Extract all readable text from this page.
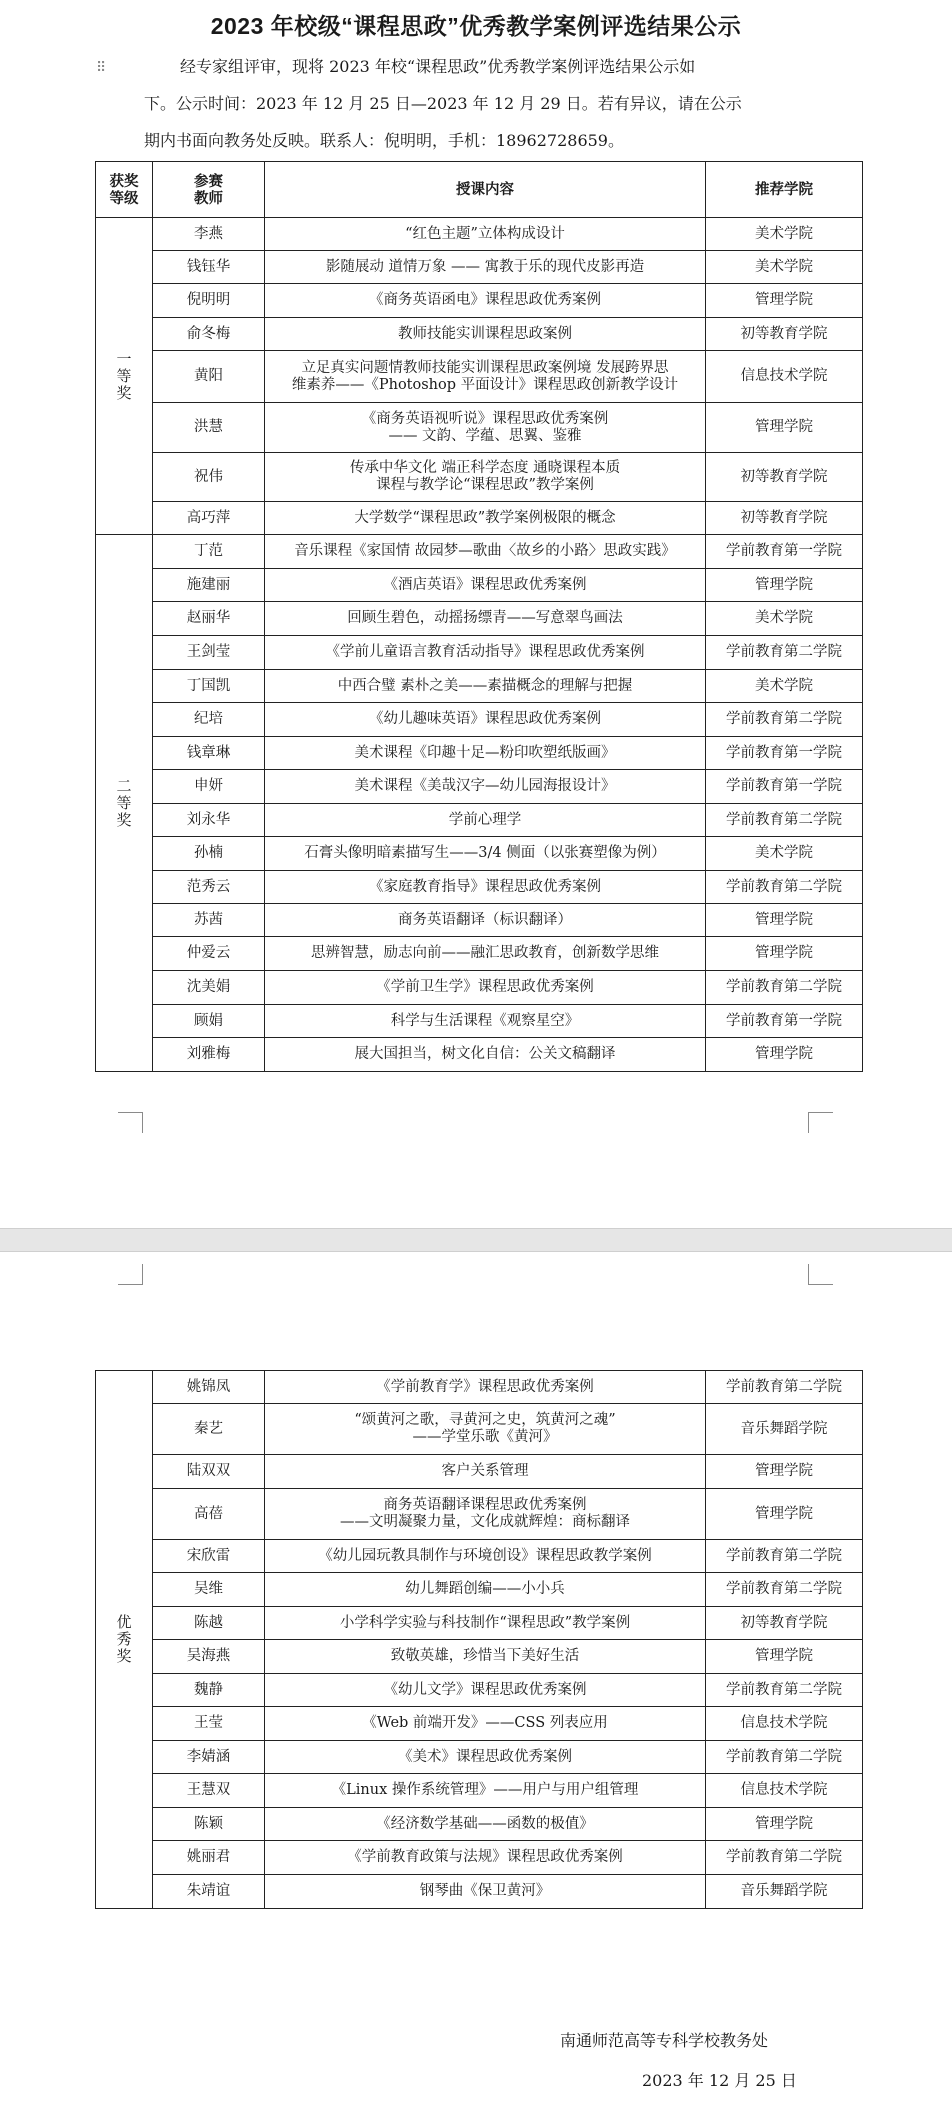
2023 年校级“课程思政”优秀教学案例评选结果公示
⠿	经专家组评审，现将 2023 年校“课程思政”优秀教学案例评选结果公示如

下。公示时间：2023 年 12 月 25 日—2023 年 12 月 29 日。若有异议，请在公示

期内书面向教务处反映。联系人：倪明明，手机：18962728659。

获奖
等级	参赛
教师	授课内容	推荐学院

一
等
奖	李燕	“红色主题”立体构成设计	美术学院
	钱钰华	影随展动 道情万象 —— 寓教于乐的现代皮影再造	美术学院
	倪明明	《商务英语函电》课程思政优秀案例	管理学院
	俞冬梅	教师技能实训课程思政案例	初等教育学院
	黄阳	立足真实问题情教师技能实训课程思政案例境 发展跨界思
维素养——《Photoshop 平面设计》课程思政创新教学设计	信息技术学院
	洪慧	《商务英语视听说》课程思政优秀案例
—— 文韵、学蕴、思翼、鉴雅	管理学院
	祝伟	传承中华文化 端正科学态度 通晓课程本质
课程与教学论“课程思政”教学案例	初等教育学院
	高巧萍	大学数学“课程思政”教学案例极限的概念	初等教育学院

二
等
奖	丁范	音乐课程《家国情 故园梦—歌曲〈故乡的小路〉思政实践》	学前教育第一学院
	施建丽	《酒店英语》课程思政优秀案例	管理学院
	赵丽华	回顾生碧色，动摇扬缥青——写意翠鸟画法	美术学院
	王剑莹	《学前儿童语言教育活动指导》课程思政优秀案例	学前教育第二学院
	丁国凯	中西合璧 素朴之美——素描概念的理解与把握	美术学院
	纪培	《幼儿趣味英语》课程思政优秀案例	学前教育第二学院
	钱章琳	美术课程《印趣十足—粉印吹塑纸版画》	学前教育第一学院
	申妍	美术课程《美哉汉字—幼儿园海报设计》	学前教育第一学院
	刘永华	学前心理学	学前教育第二学院
	孙楠	石膏头像明暗素描写生——3/4 侧面（以张赛塑像为例）	美术学院
	范秀云	《家庭教育指导》课程思政优秀案例	学前教育第二学院
	苏茜	商务英语翻译（标识翻译）	管理学院
	仲爱云	思辨智慧，励志向前——融汇思政教育，创新数学思维	管理学院
	沈美娟	《学前卫生学》课程思政优秀案例	学前教育第二学院
	顾娟	科学与生活课程《观察星空》	学前教育第一学院
	刘雅梅	展大国担当，树文化自信：公关文稿翻译	管理学院
优
秀
奖	姚锦凤	《学前教育学》课程思政优秀案例	学前教育第二学院
	秦艺	“颂黄河之歌，寻黄河之史，筑黄河之魂”
——学堂乐歌《黄河》	音乐舞蹈学院
	陆双双	客户关系管理	管理学院
	高蓓	商务英语翻译课程思政优秀案例
——文明凝聚力量，文化成就辉煌：商标翻译	管理学院
	宋欣雷	《幼儿园玩教具制作与环境创设》课程思政教学案例	学前教育第二学院
	吴维	幼儿舞蹈创编——小小兵	学前教育第二学院
	陈越	小学科学实验与科技制作“课程思政”教学案例	初等教育学院
	吴海燕	致敬英雄，珍惜当下美好生活	管理学院
	魏静	《幼儿文学》课程思政优秀案例	学前教育第二学院
	王莹	《Web 前端开发》——CSS 列表应用	信息技术学院
	李婧涵	《美术》课程思政优秀案例	学前教育第二学院
	王慧双	《Linux 操作系统管理》——用户与用户组管理	信息技术学院
	陈颖	《经济数学基础——函数的极值》	管理学院
	姚丽君	《学前教育政策与法规》课程思政优秀案例	学前教育第二学院
	朱靖谊	钢琴曲《保卫黄河》	音乐舞蹈学院
南通师范高等专科学校教务处
2023 年 12 月 25 日
